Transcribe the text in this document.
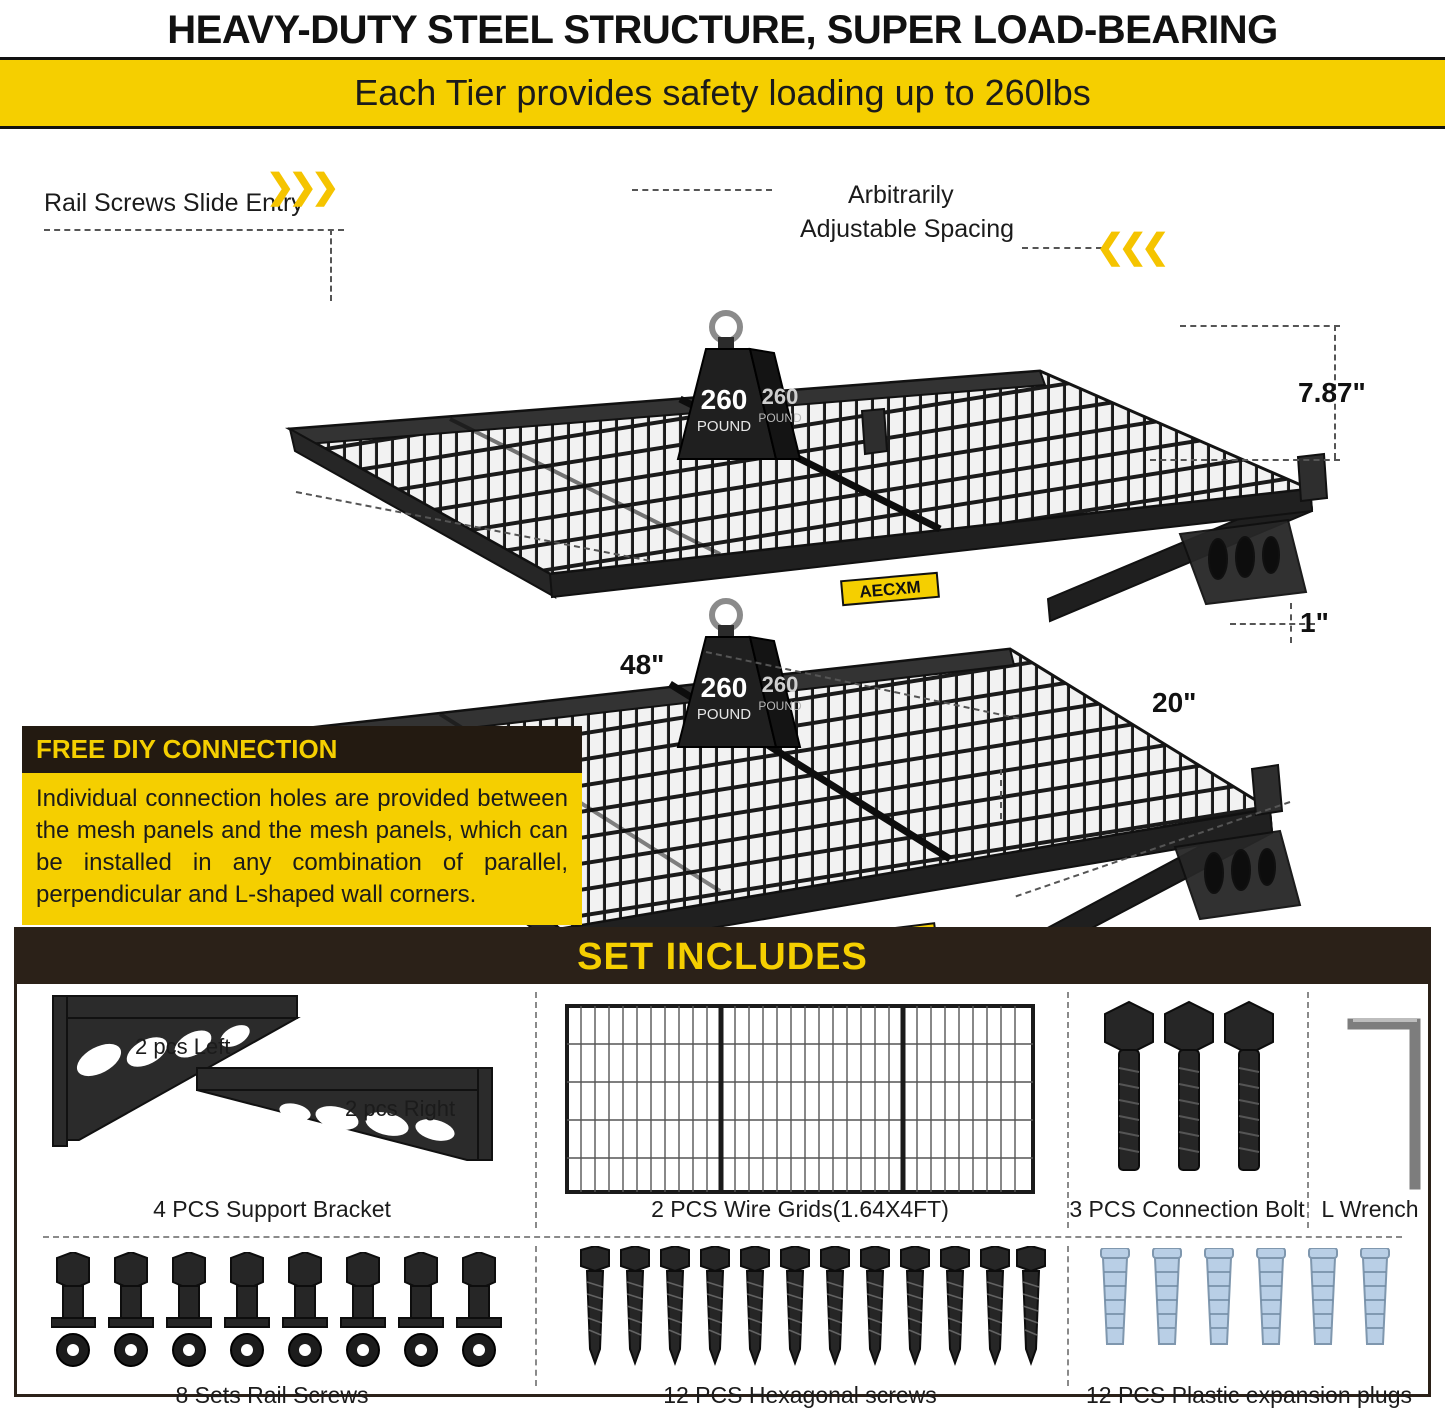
HEAVY-DUTY STEEL STRUCTURE, SUPER LOAD-BEARING
Each Tier provides safety loading up to 260lbs
AECXM
260
POUND
260
POUND
260
POUND
260
POUND
Rail Screws Slide Entry	Arbitrarily
Adjustable Spacing
❯❯❯
❮❮❮
7.87"
1"
48"
20"
FREE DIY CONNECTION
Individual connection holes are provided between the mesh panels and the mesh panels, which can be installed in any combination of parallel, perpendicular and L-shaped wall corners.
SET INCLUDES
2 pcs Left
2 pcs Right
4 PCS Support Bracket	2 PCS Wire Grids(1.64X4FT)	3 PCS Connection Bolt L Wrench
8 Sets Rail Screws	12 PCS Hexagonal screws	12 PCS Plastic expansion plugs
